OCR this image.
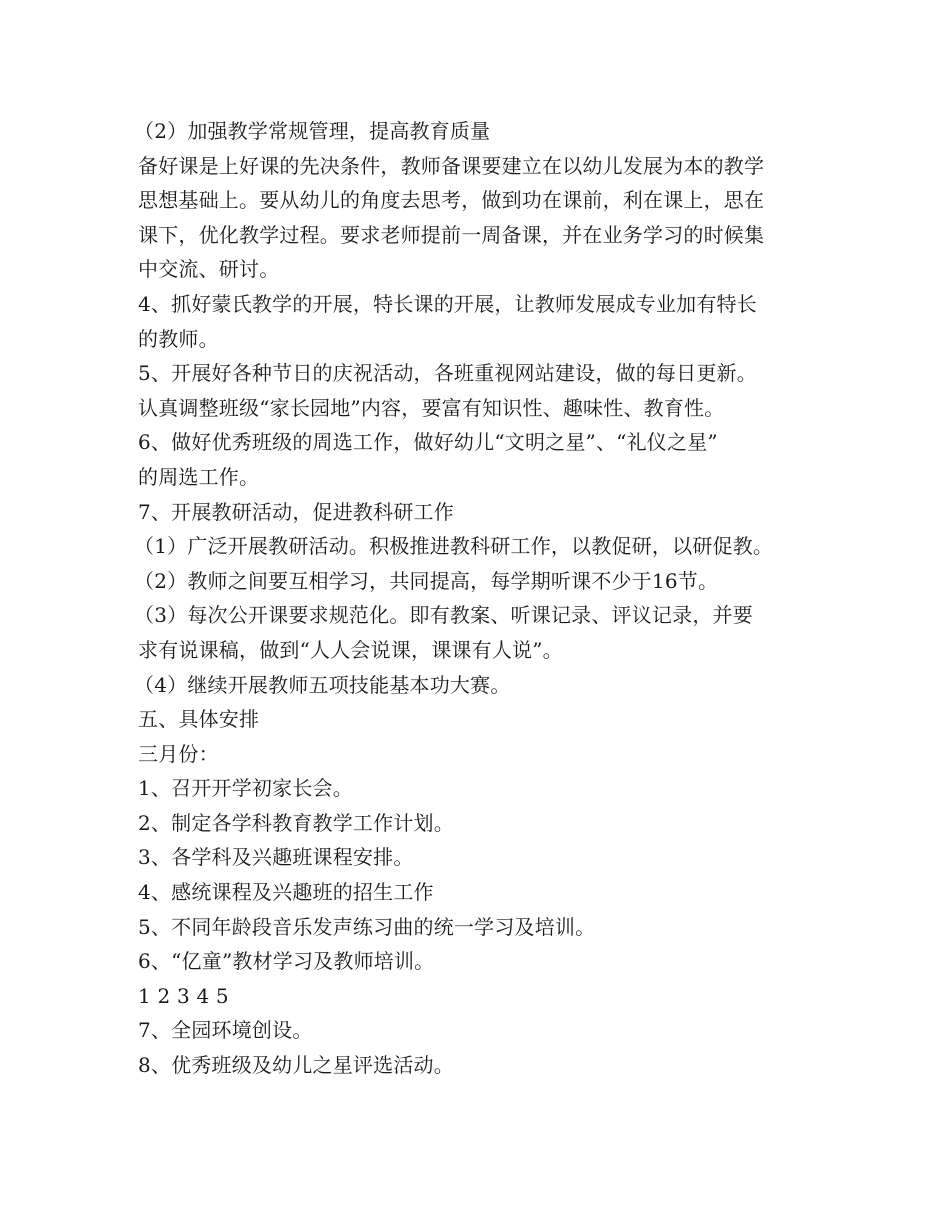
（2）加强教学常规管理，提高教育质量
备好课是上好课的先决条件，教师备课要建立在以幼儿发展为本的教学
思想基础上。要从幼儿的角度去思考，做到功在课前，利在课上，思在
课下，优化教学过程。要求老师提前一周备课，并在业务学习的时候集
中交流、研讨。
4、抓好蒙氏教学的开展，特长课的开展，让教师发展成专业加有特长
的教师。
5、开展好各种节日的庆祝活动，各班重视网站建设，做的每日更新。
认真调整班级“家长园地”内容，要富有知识性、趣味性、教育性。
6、做好优秀班级的周选工作，做好幼儿“文明之星”、“礼仪之星”
的周选工作。
7、开展教研活动，促进教科研工作
（1）广泛开展教研活动。积极推进教科研工作，以教促研，以研促教。
（2）教师之间要互相学习，共同提高，每学期听课不少于16节。
（3）每次公开课要求规范化。即有教案、听课记录、评议记录，并要
求有说课稿，做到“人人会说课，课课有人说”。
（4）继续开展教师五项技能基本功大赛。
五、具体安排
三月份：
1、召开开学初家长会。
2、制定各学科教育教学工作计划。
3、各学科及兴趣班课程安排。
4、感统课程及兴趣班的招生工作
5、不同年龄段音乐发声练习曲的统一学习及培训。
6、“亿童”教材学习及教师培训。
1 2 3 4 5
7、全园环境创设。
8、优秀班级及幼儿之星评选活动。
